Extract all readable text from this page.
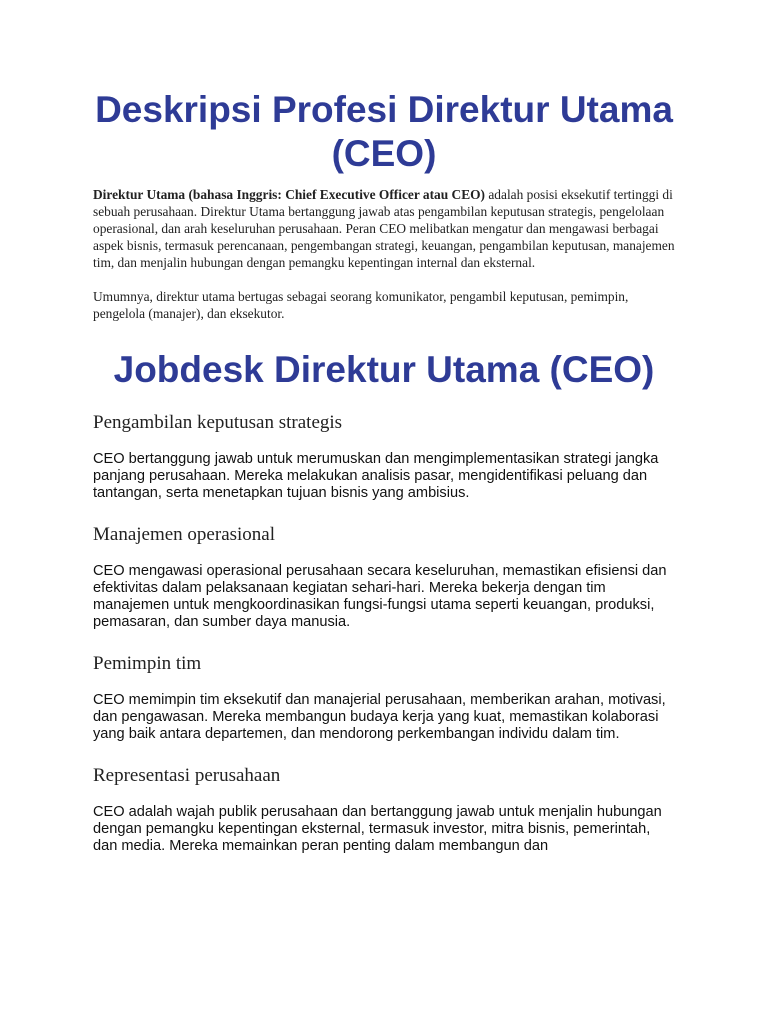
Deskripsi Profesi Direktur Utama (CEO)

Direktur Utama (bahasa Inggris: Chief Executive Officer atau CEO) adalah posisi eksekutif tertinggi di sebuah perusahaan. Direktur Utama bertanggung jawab atas pengambilan keputusan strategis, pengelolaan operasional, dan arah keseluruhan perusahaan. Peran CEO melibatkan mengatur dan mengawasi berbagai aspek bisnis, termasuk perencanaan, pengembangan strategi, keuangan, pengambilan keputusan, manajemen tim, dan menjalin hubungan dengan pemangku kepentingan internal dan eksternal.

Umumnya, direktur utama bertugas sebagai seorang komunikator, pengambil keputusan, pemimpin, pengelola (manajer), dan eksekutor.

Jobdesk Direktur Utama (CEO)
Pengambilan keputusan strategis

CEO bertanggung jawab untuk merumuskan dan mengimplementasikan strategi jangka panjang perusahaan. Mereka melakukan analisis pasar, mengidentifikasi peluang dan tantangan, serta menetapkan tujuan bisnis yang ambisius.

Manajemen operasional

CEO mengawasi operasional perusahaan secara keseluruhan, memastikan efisiensi dan efektivitas dalam pelaksanaan kegiatan sehari-hari. Mereka bekerja dengan tim manajemen untuk mengkoordinasikan fungsi-fungsi utama seperti keuangan, produksi, pemasaran, dan sumber daya manusia.

Pemimpin tim

CEO memimpin tim eksekutif dan manajerial perusahaan, memberikan arahan, motivasi, dan pengawasan. Mereka membangun budaya kerja yang kuat, memastikan kolaborasi yang baik antara departemen, dan mendorong perkembangan individu dalam tim.

Representasi perusahaan

CEO adalah wajah publik perusahaan dan bertanggung jawab untuk menjalin hubungan dengan pemangku kepentingan eksternal, termasuk investor, mitra bisnis, pemerintah, dan media. Mereka memainkan peran penting dalam membangun dan
